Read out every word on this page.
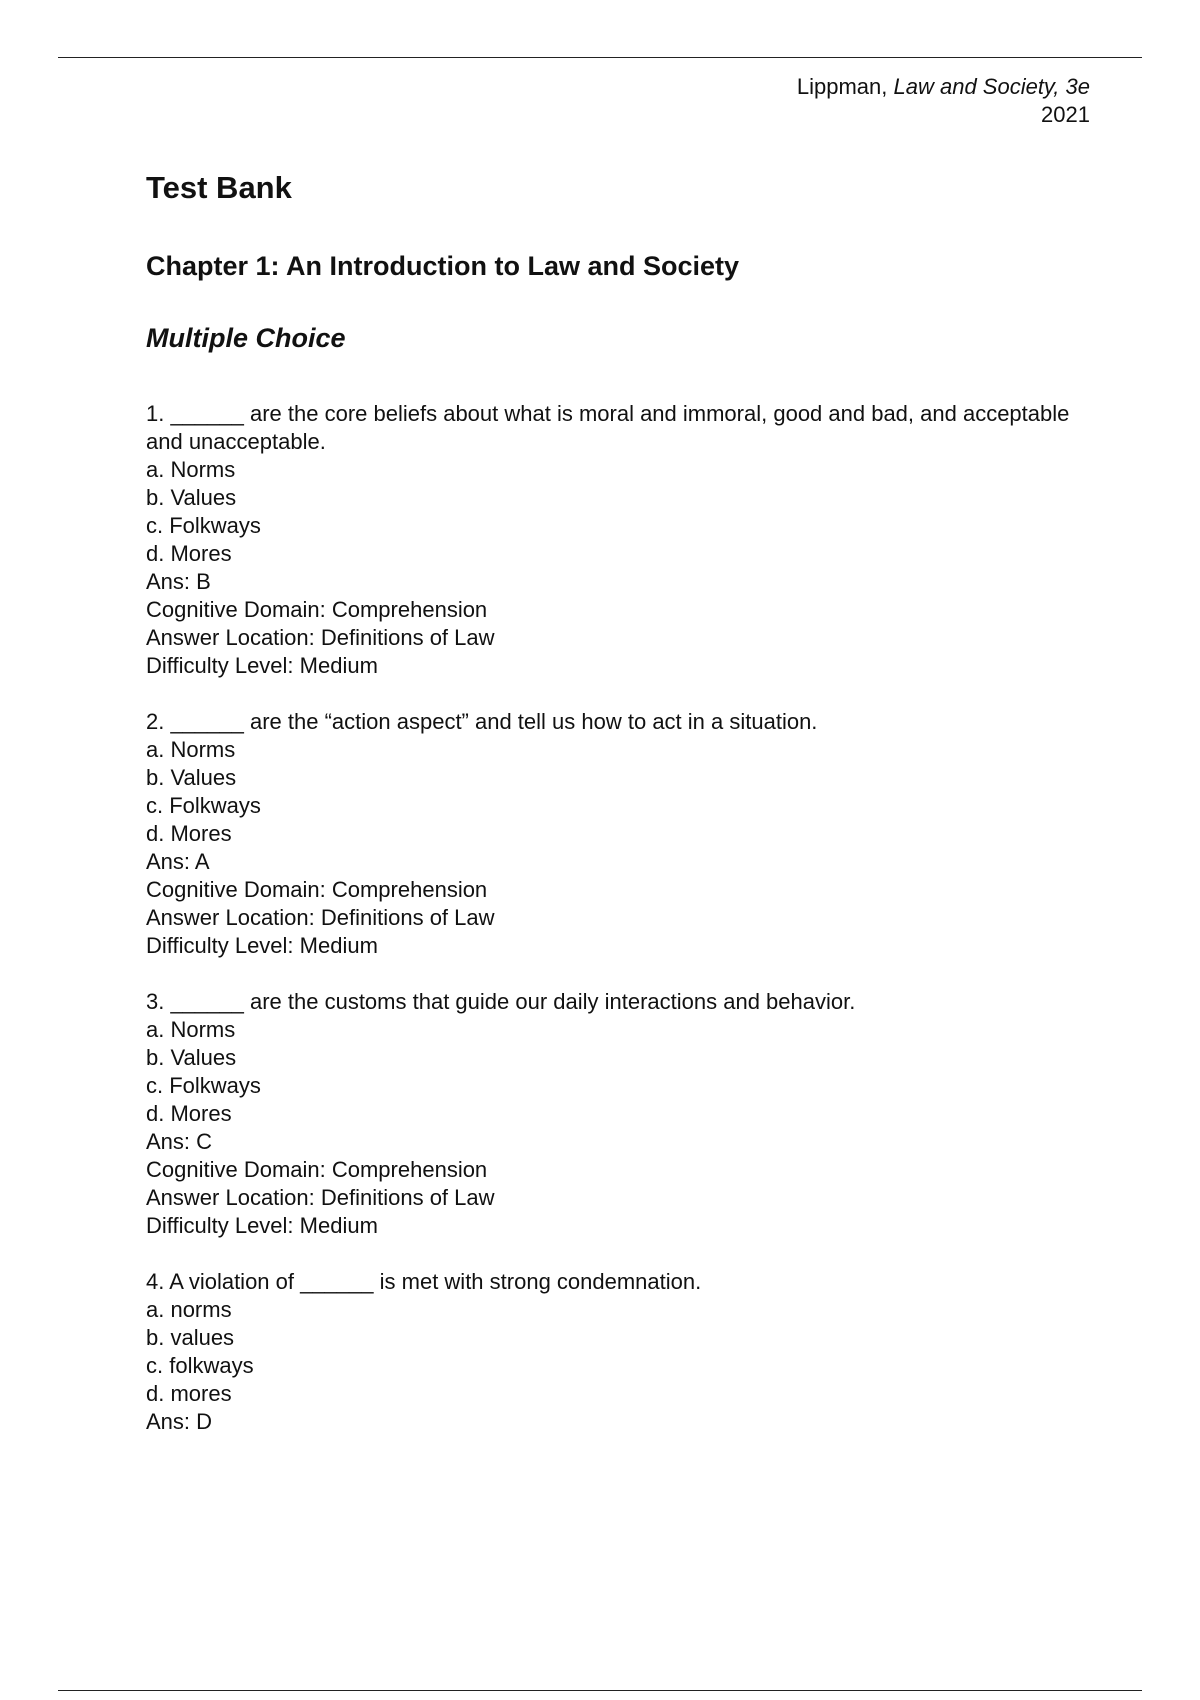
Lippman, Law and Society, 3e
2021
Test Bank
Chapter 1: An Introduction to Law and Society
Multiple Choice
1. ______ are the core beliefs about what is moral and immoral, good and bad, and acceptable and unacceptable.
a. Norms
b. Values
c. Folkways
d. Mores
Ans: B
Cognitive Domain: Comprehension
Answer Location: Definitions of Law
Difficulty Level: Medium
2. ______ are the “action aspect” and tell us how to act in a situation.
a. Norms
b. Values
c. Folkways
d. Mores
Ans: A
Cognitive Domain: Comprehension
Answer Location: Definitions of Law
Difficulty Level: Medium
3. ______ are the customs that guide our daily interactions and behavior.
a. Norms
b. Values
c. Folkways
d. Mores
Ans: C
Cognitive Domain: Comprehension
Answer Location: Definitions of Law
Difficulty Level: Medium
4. A violation of ______ is met with strong condemnation.
a. norms
b. values
c. folkways
d. mores
Ans: D
